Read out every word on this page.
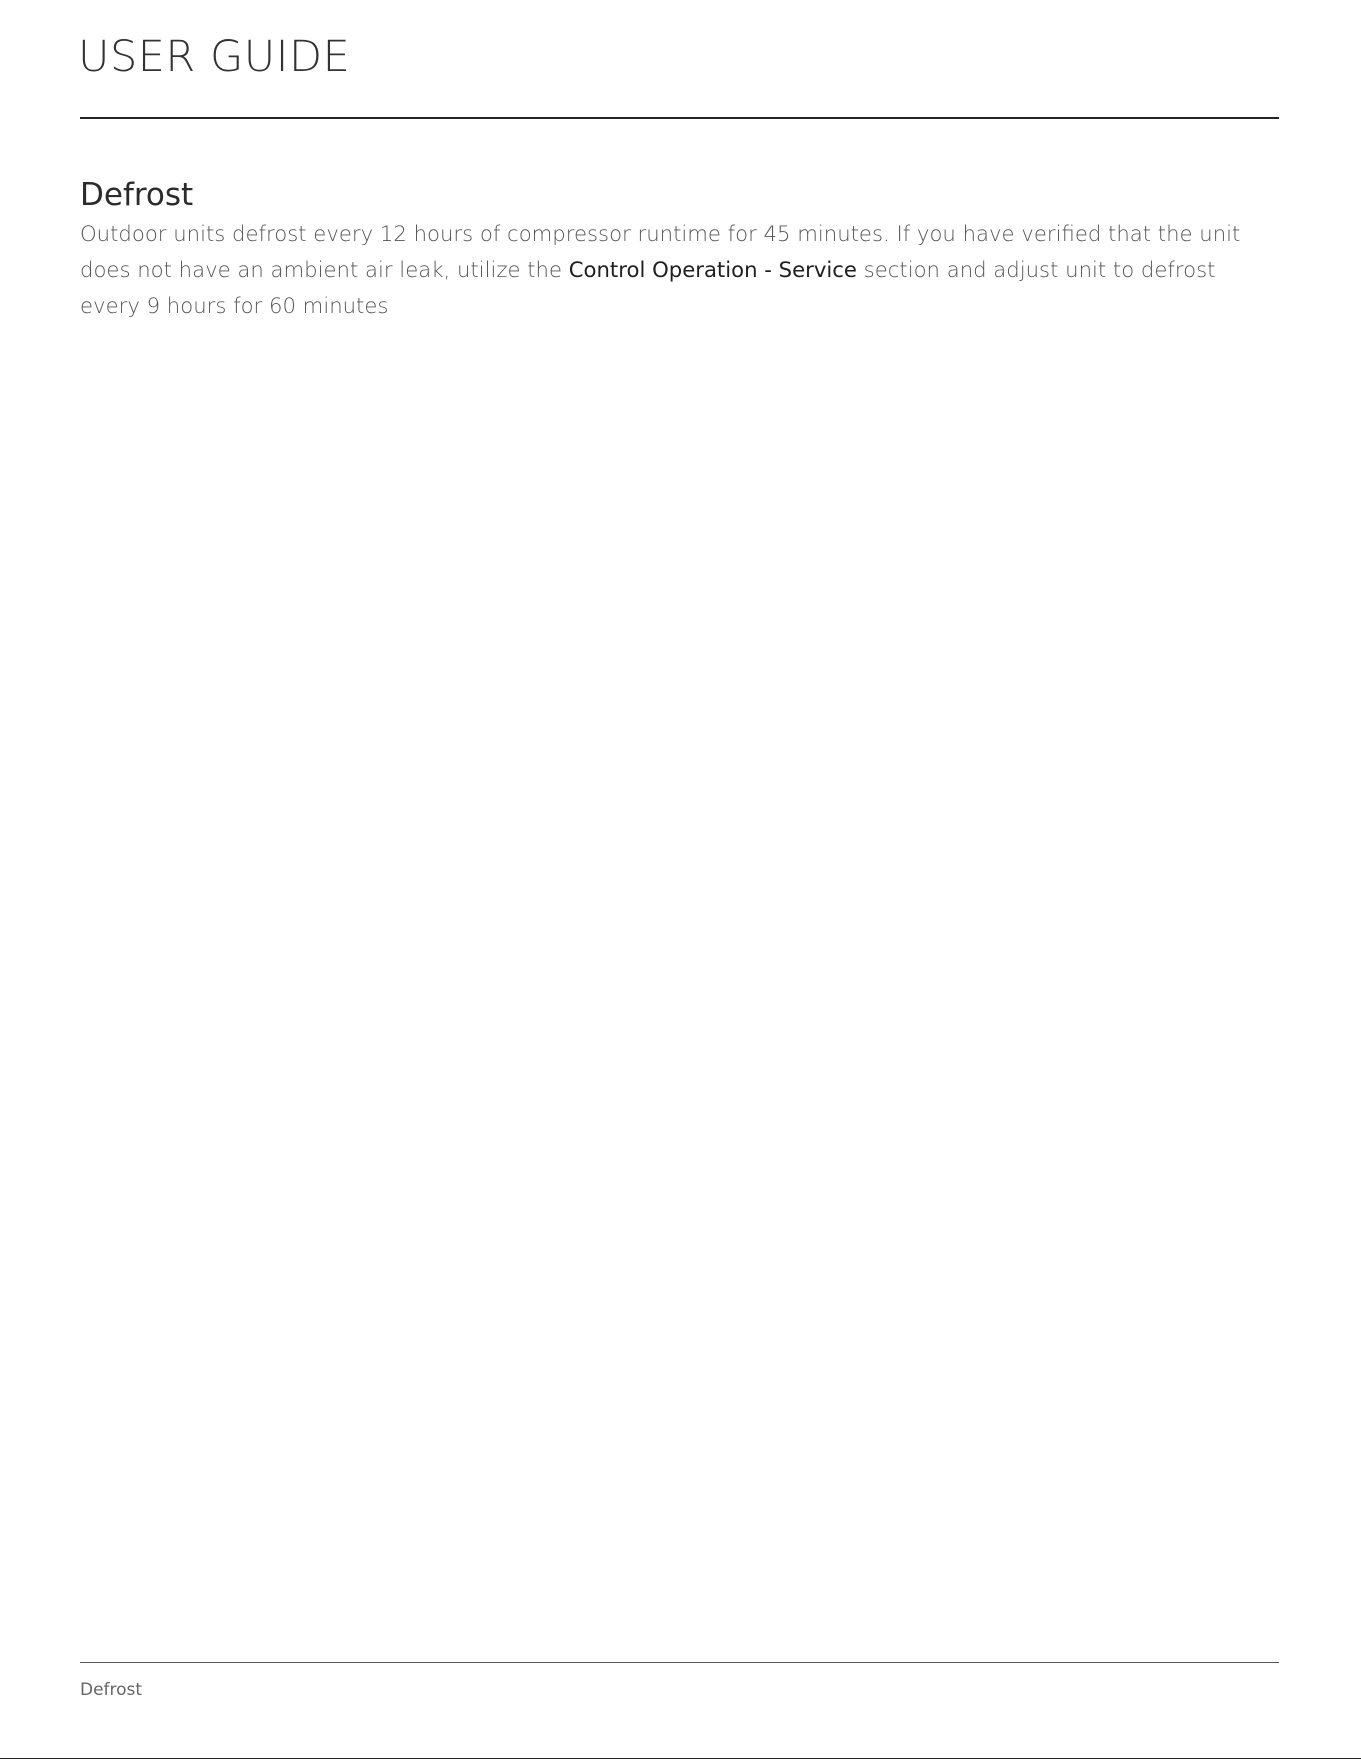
USER GUIDE
Defrost

Outdoor units defrost every 12 hours of compressor runtime for 45 minutes. If you have verified that the unit does not have an ambient air leak, utilize the Control Operation - Service section and adjust unit to defrost every 9 hours for 60 minutes

Defrost
